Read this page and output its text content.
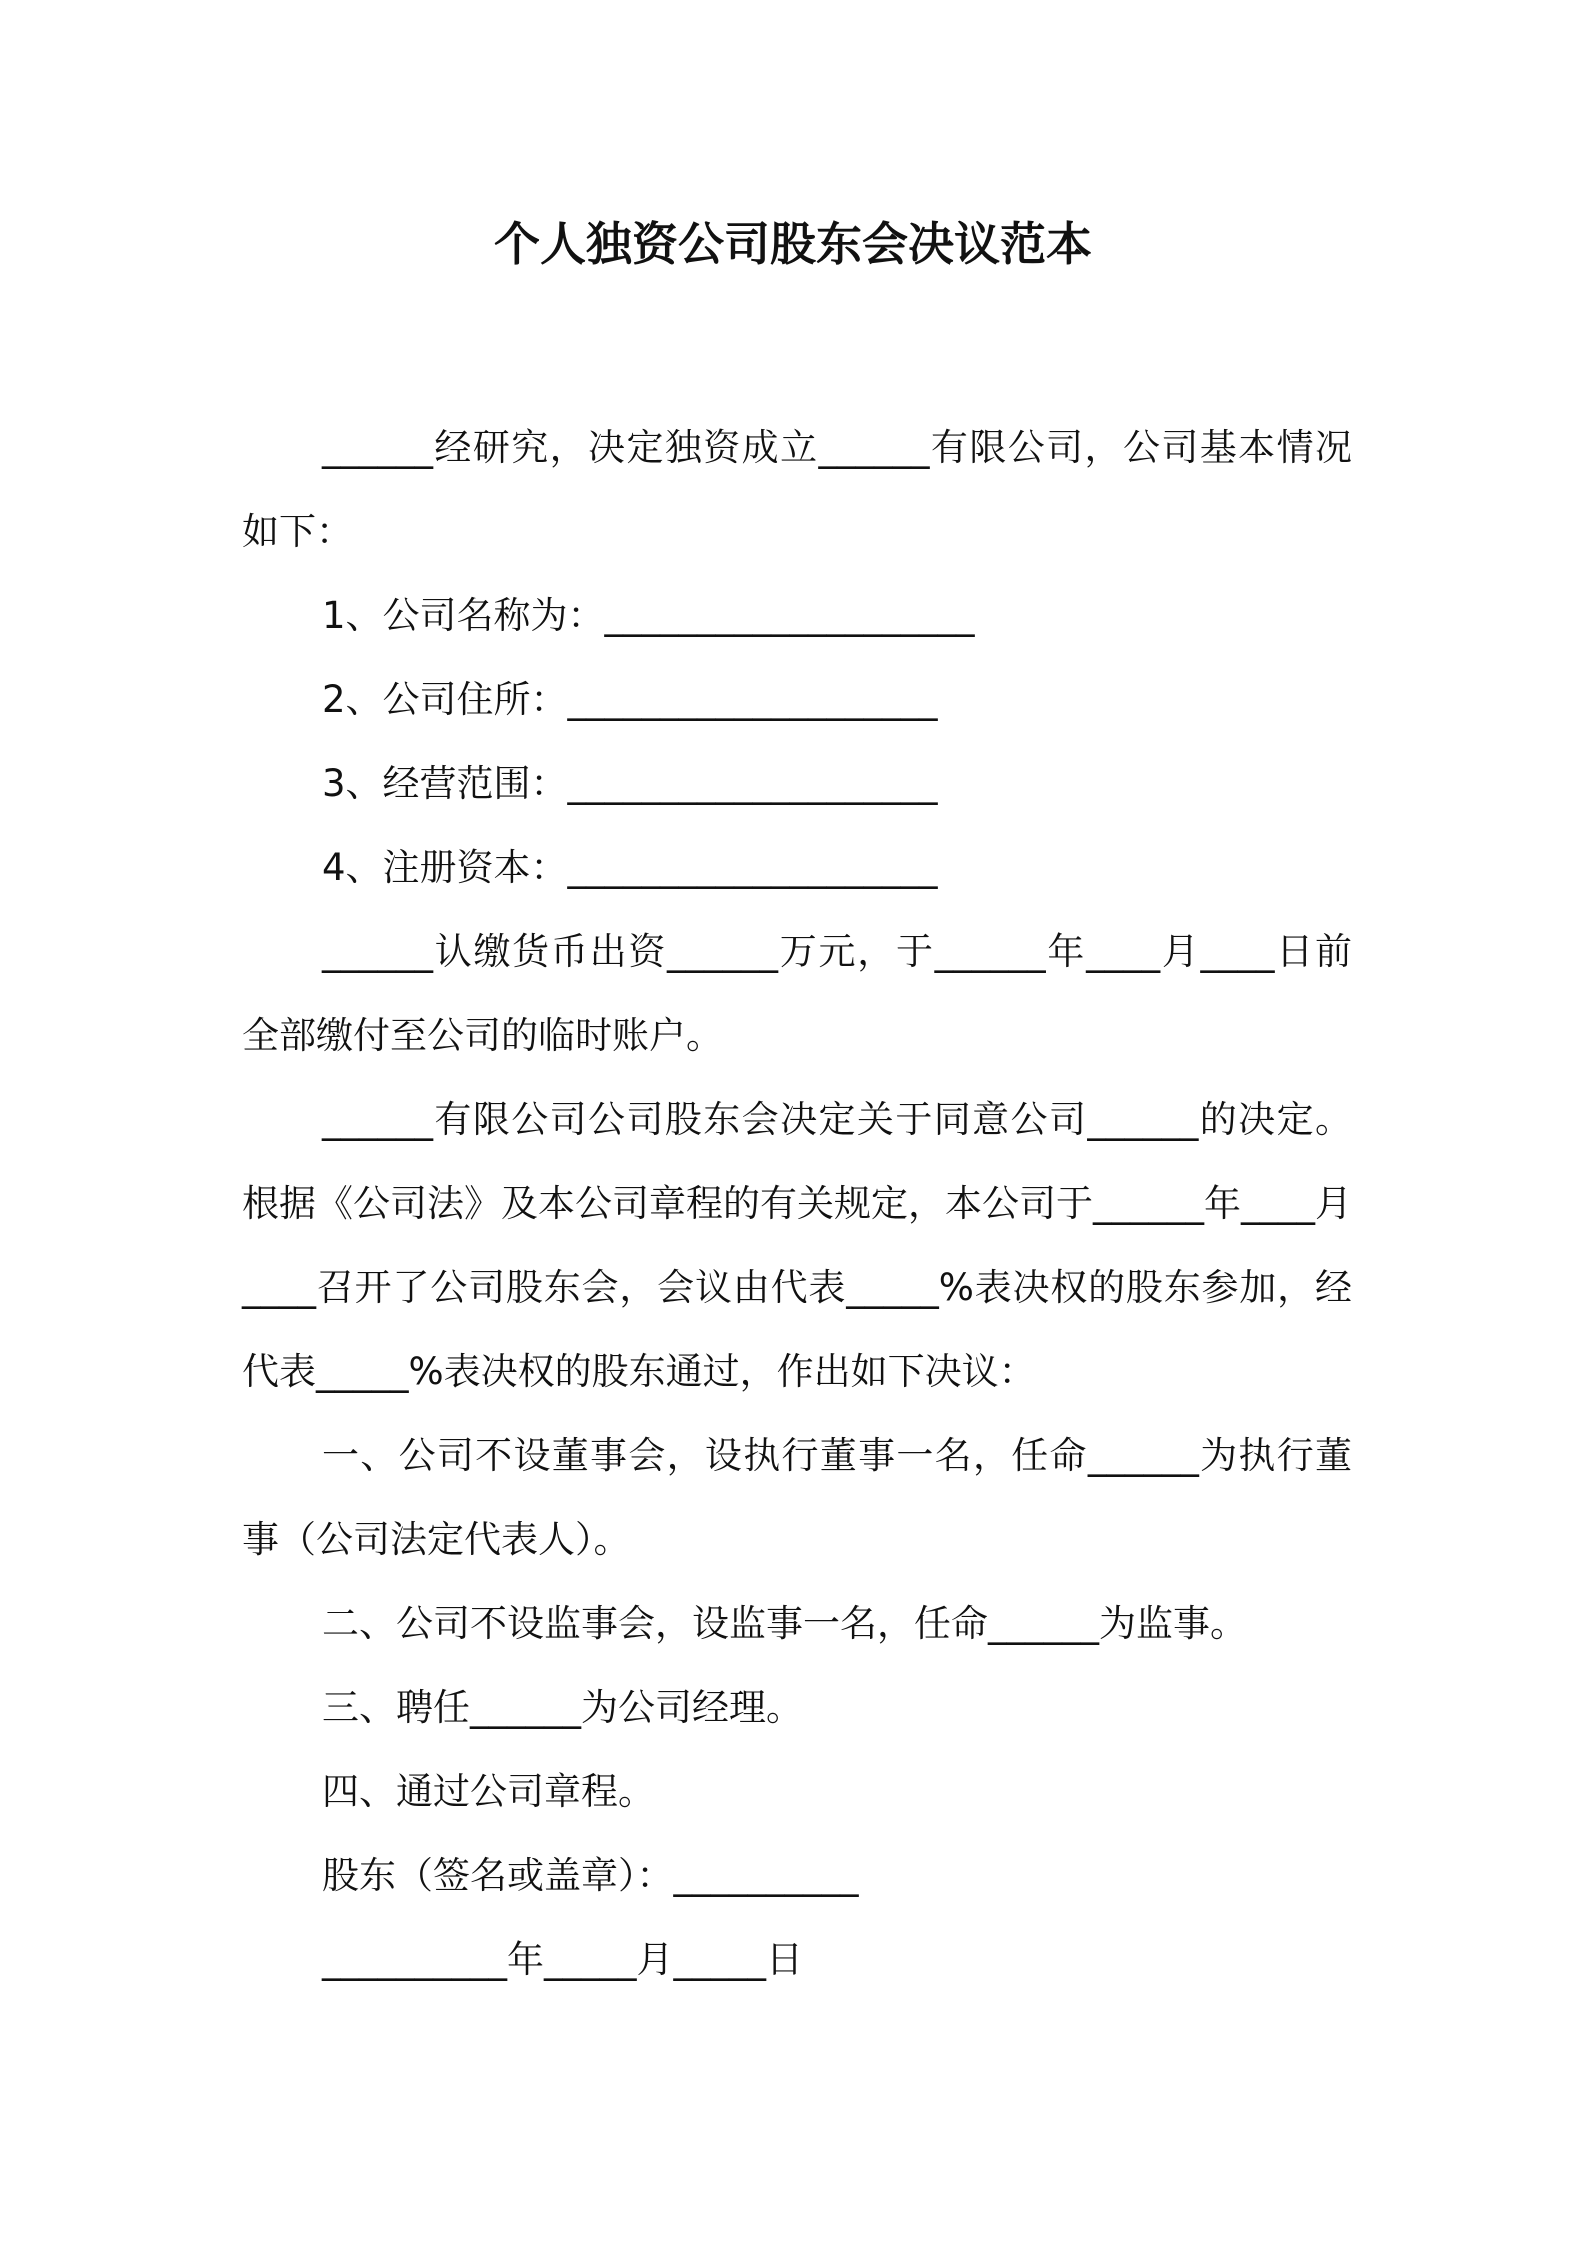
个人独资公司股东会决议范本

______经研究，决定独资成立______有限公司，公司基本情况如下：

1、公司名称为：____________________

2、公司住所：____________________

3、经营范围：____________________

4、注册资本：____________________

______认缴货币出资______万元，于______年____月____日前全部缴付至公司的临时账户。

______有限公司公司股东会决定关于同意公司______的决定。根据《公司法》及本公司章程的有关规定，本公司于______年____月____召开了公司股东会，会议由代表_____%表决权的股东参加，经代表_____%表决权的股东通过，作出如下决议：

一、公司不设董事会，设执行董事一名，任命______为执行董事（公司法定代表人）。

二、公司不设监事会，设监事一名，任命______为监事。

三、聘任______为公司经理。

四、通过公司章程。

股东（签名或盖章）：__________

__________年_____月_____日
